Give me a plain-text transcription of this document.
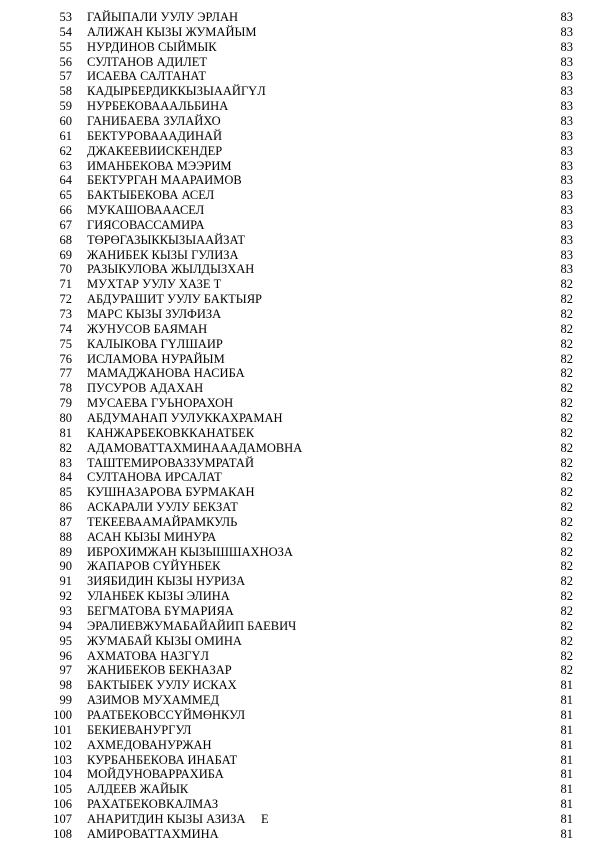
53 ГАЙЫПАЛИ УУЛУ ЭРЛАН	83
54 АЛИЖАН КЫЗЫ ЖУМАЙЫМ	83
55 НУРДИНОВ СЫЙМЫК	83
56 СУЛТАНОВ АДИЛЕТ	83
57 ИСАЕВА САЛТАНАТ	83
58 КАДЫРБЕРДИККЫЗЫААЙГҮЛ	83
59 НУРБЕКОВАААЛЬБИНА	83
60 ГАНИБАЕВА ЗУЛАЙХО	83
61 БЕКТУРОВАААДИНАЙ	83
62 ДЖАКЕЕВИИСКЕНДЕР	83
63 ИМАНБЕКОВА МЭЭРИМ	83
64 БЕКТУРГАН МААРАИМОВ	83
65 БАКТЫБЕКОВА АСЕЛ	83
66 МУКАШОВАААСЕЛ	83
67 ГИЯСОВАССАМИРА	83
68 ТӨРӨГАЗЫККЫЗЫААЙЗАТ	83
69 ЖАНИБЕК КЫЗЫ ГУЛИЗА	83
70 РАЗЫКУЛОВА ЖЫЛДЫЗХАН	83
71 МУХТАР УУЛУ ХАЗЕ Т	82
72 АБДУРАШИТ УУЛУ БАКТЫЯР	82
73 МАРС КЫЗЫ ЗУЛФИЗА	82
74 ЖУНУСОВ БАЯМАН	82
75 КАЛЫКОВА ГҮЛШАИР	82
76 ИСЛАМОВА НУРАЙЫМ	82
77 МАМАДЖАНОВА НАСИБА	82
78 ПУСУРОВ АДАХАН	82
79 МУСАЕВА ГУЬНОРАХОН	82
80 АБДУМАНАП УУЛУККАХРАМАН	82
81 КАНЖАРБЕКОВККАНАТБЕК	82
82 АДАМОВАТТАХМИНАААДАМОВНА	82
83 ТАШТЕМИРОВАЗЗУМРАТАЙ	82
84 СУЛТАНОВА ИРСАЛАТ	82
85 КУШНАЗАРОВА БУРМАКАН	82
86 АСКАРАЛИ УУЛУ БЕКЗАТ	82
87 ТЕКЕЕВААМАЙРАМКУЛЬ	82
88 АСАН КЫЗЫ МИНУРА	82
89 ИБРОХИМЖАН КЫЗЫШШАХНОЗА	82
90 ЖАПАРОВ СҮЙҮНБЕК	82
91 ЗИЯБИДИН КЫЗЫ НУРИЗА	82
92 УЛАНБЕК КЫЗЫ ЭЛИНА	82
93 БЕГМАТОВА БҮМАРИЯА	82
94 ЭРАЛИЕВЖУМАБАЙАЙИП БАЕВИЧ	82
95 ЖУМАБАЙ КЫЗЫ ОМИНА	82
96 АХМАТОВА НАЗГҮЛ	82
97 ЖАНИБЕКОВ БЕКНАЗАР	82
98 БАКТЫБЕК УУЛУ ИСКАХ	81
99 АЗИМОВ МУХАММЕД	81
100 РААТБЕКОВССҮЙМӨНКУЛ	81
101 БЕКИЕВАНУРГУЛ	81
102 АХМЕДОВАНУРЖАН	81
103 КУРБАНБЕКОВА ИНАБАТ	81
104 МОЙДУНОВАРРАХИБА	81
105 АЛДЕЕВ ЖАЙЫК	81
106 РАХАТБЕКОВКАЛМАЗ	81
107 АНАРИТДИН КЫЗЫ АЗИЗА     Е	81
108 АМИРОВАТТАХМИНА	81
